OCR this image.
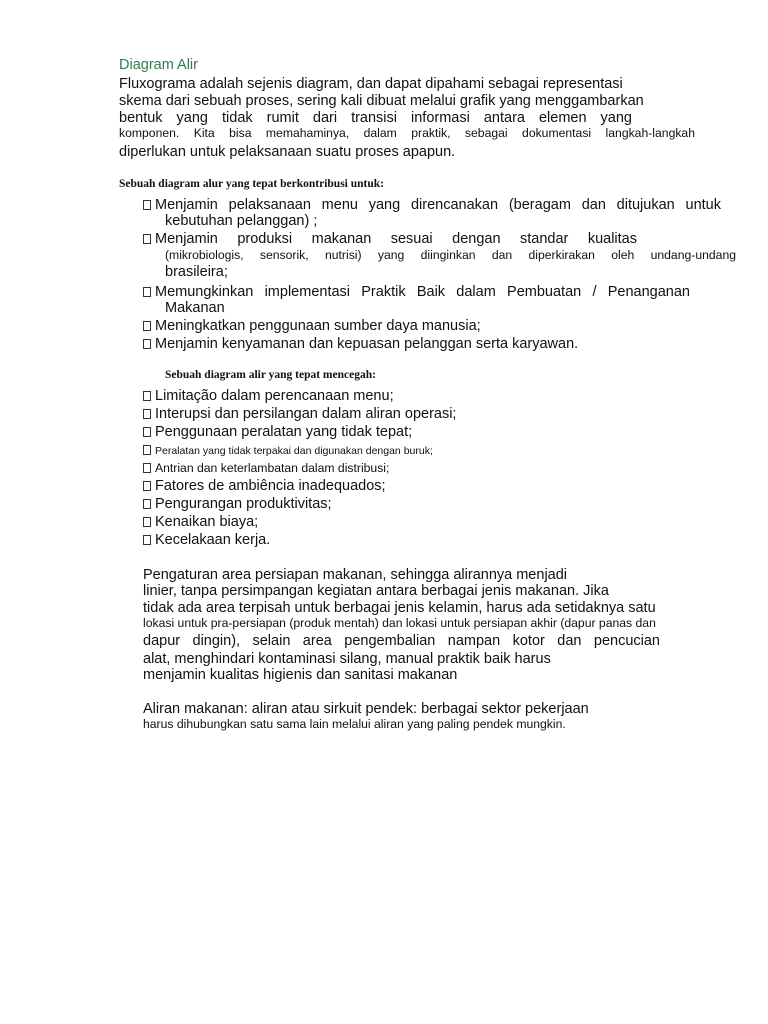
Diagram Alir
Fluxograma adalah sejenis diagram, dan dapat dipahami sebagai representasi
skema dari sebuah proses, sering kali dibuat melalui grafik yang menggambarkan
bentuk yang tidak rumit dari transisi informasi antara elemen yang
komponen. Kita bisa memahaminya, dalam praktik, sebagai dokumentasi langkah-langkah
diperlukan untuk pelaksanaan suatu proses apapun.
Sebuah diagram alur yang tepat berkontribusi untuk:
Menjamin pelaksanaan menu yang direncanakan (beragam dan ditujukan untuk
kebutuhan pelanggan) ;
Menjamin produksi makanan sesuai dengan standar kualitas
(mikrobiologis, sensorik, nutrisi) yang diinginkan dan diperkirakan oleh undang-undang
brasileira;
Memungkinkan implementasi Praktik Baik dalam Pembuatan / Penanganan
Makanan
Meningkatkan penggunaan sumber daya manusia;
Menjamin kenyamanan dan kepuasan pelanggan serta karyawan.
Sebuah diagram alir yang tepat mencegah:
Limitação dalam perencanaan menu;
Interupsi dan persilangan dalam aliran operasi;
Penggunaan peralatan yang tidak tepat;
Peralatan yang tidak terpakai dan digunakan dengan buruk;
Antrian dan keterlambatan dalam distribusi;
Fatores de ambiência inadequados;
Pengurangan produktivitas;
Kenaikan biaya;
Kecelakaan kerja.
Pengaturan area persiapan makanan, sehingga alirannya menjadi
linier, tanpa persimpangan kegiatan antara berbagai jenis makanan. Jika
tidak ada area terpisah untuk berbagai jenis kelamin, harus ada setidaknya satu
lokasi untuk pra-persiapan (produk mentah) dan lokasi untuk persiapan akhir (dapur panas dan
dapur dingin), selain area pengembalian nampan kotor dan pencucian
alat, menghindari kontaminasi silang, manual praktik baik harus
menjamin kualitas higienis dan sanitasi makanan
Aliran makanan: aliran atau sirkuit pendek: berbagai sektor pekerjaan
harus dihubungkan satu sama lain melalui aliran yang paling pendek mungkin.
